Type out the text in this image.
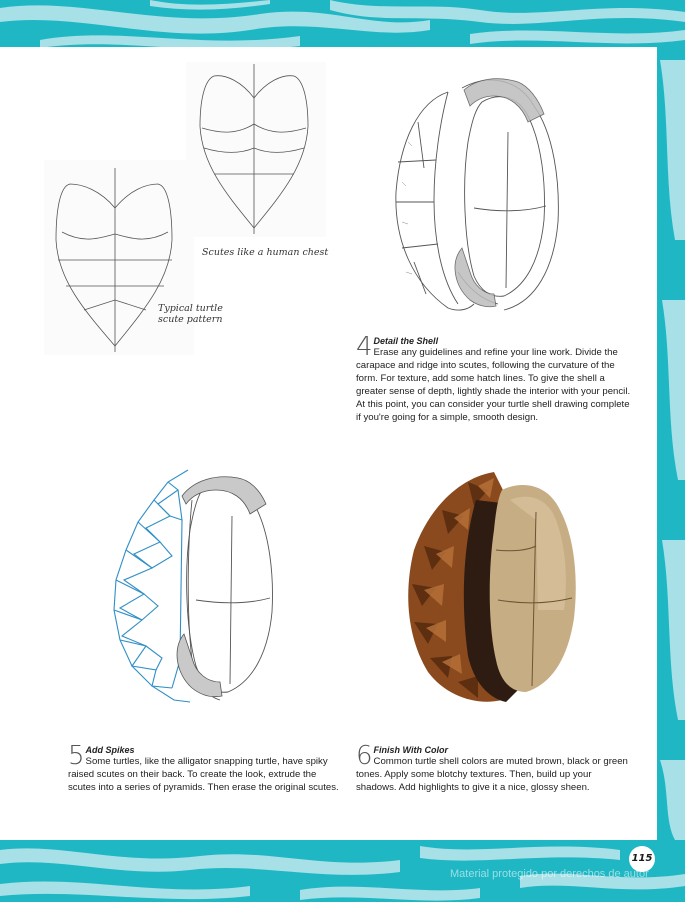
Scutes like a human chest
Typical turtle scute pattern
4 Detail the Shell
Erase any guidelines and refine your line work. Divide the carapace and ridge into scutes, following the curvature of the form. For texture, add some hatch lines. To give the shell a greater sense of depth, lightly shade the interior with your pencil. At this point, you can consider your turtle shell drawing complete if you're going for a simple, smooth design.
5 Add Spikes
Some turtles, like the alligator snapping turtle, have spiky raised scutes on their back. To create the look, extrude the scutes into a series of pyramids. Then erase the original scutes.
6 Finish With Color
Common turtle shell colors are muted brown, black or green tones. Apply some blotchy textures. Then, build up your shadows. Add highlights to give it a nice, glossy sheen.
115
Material protegido por derechos de autor
